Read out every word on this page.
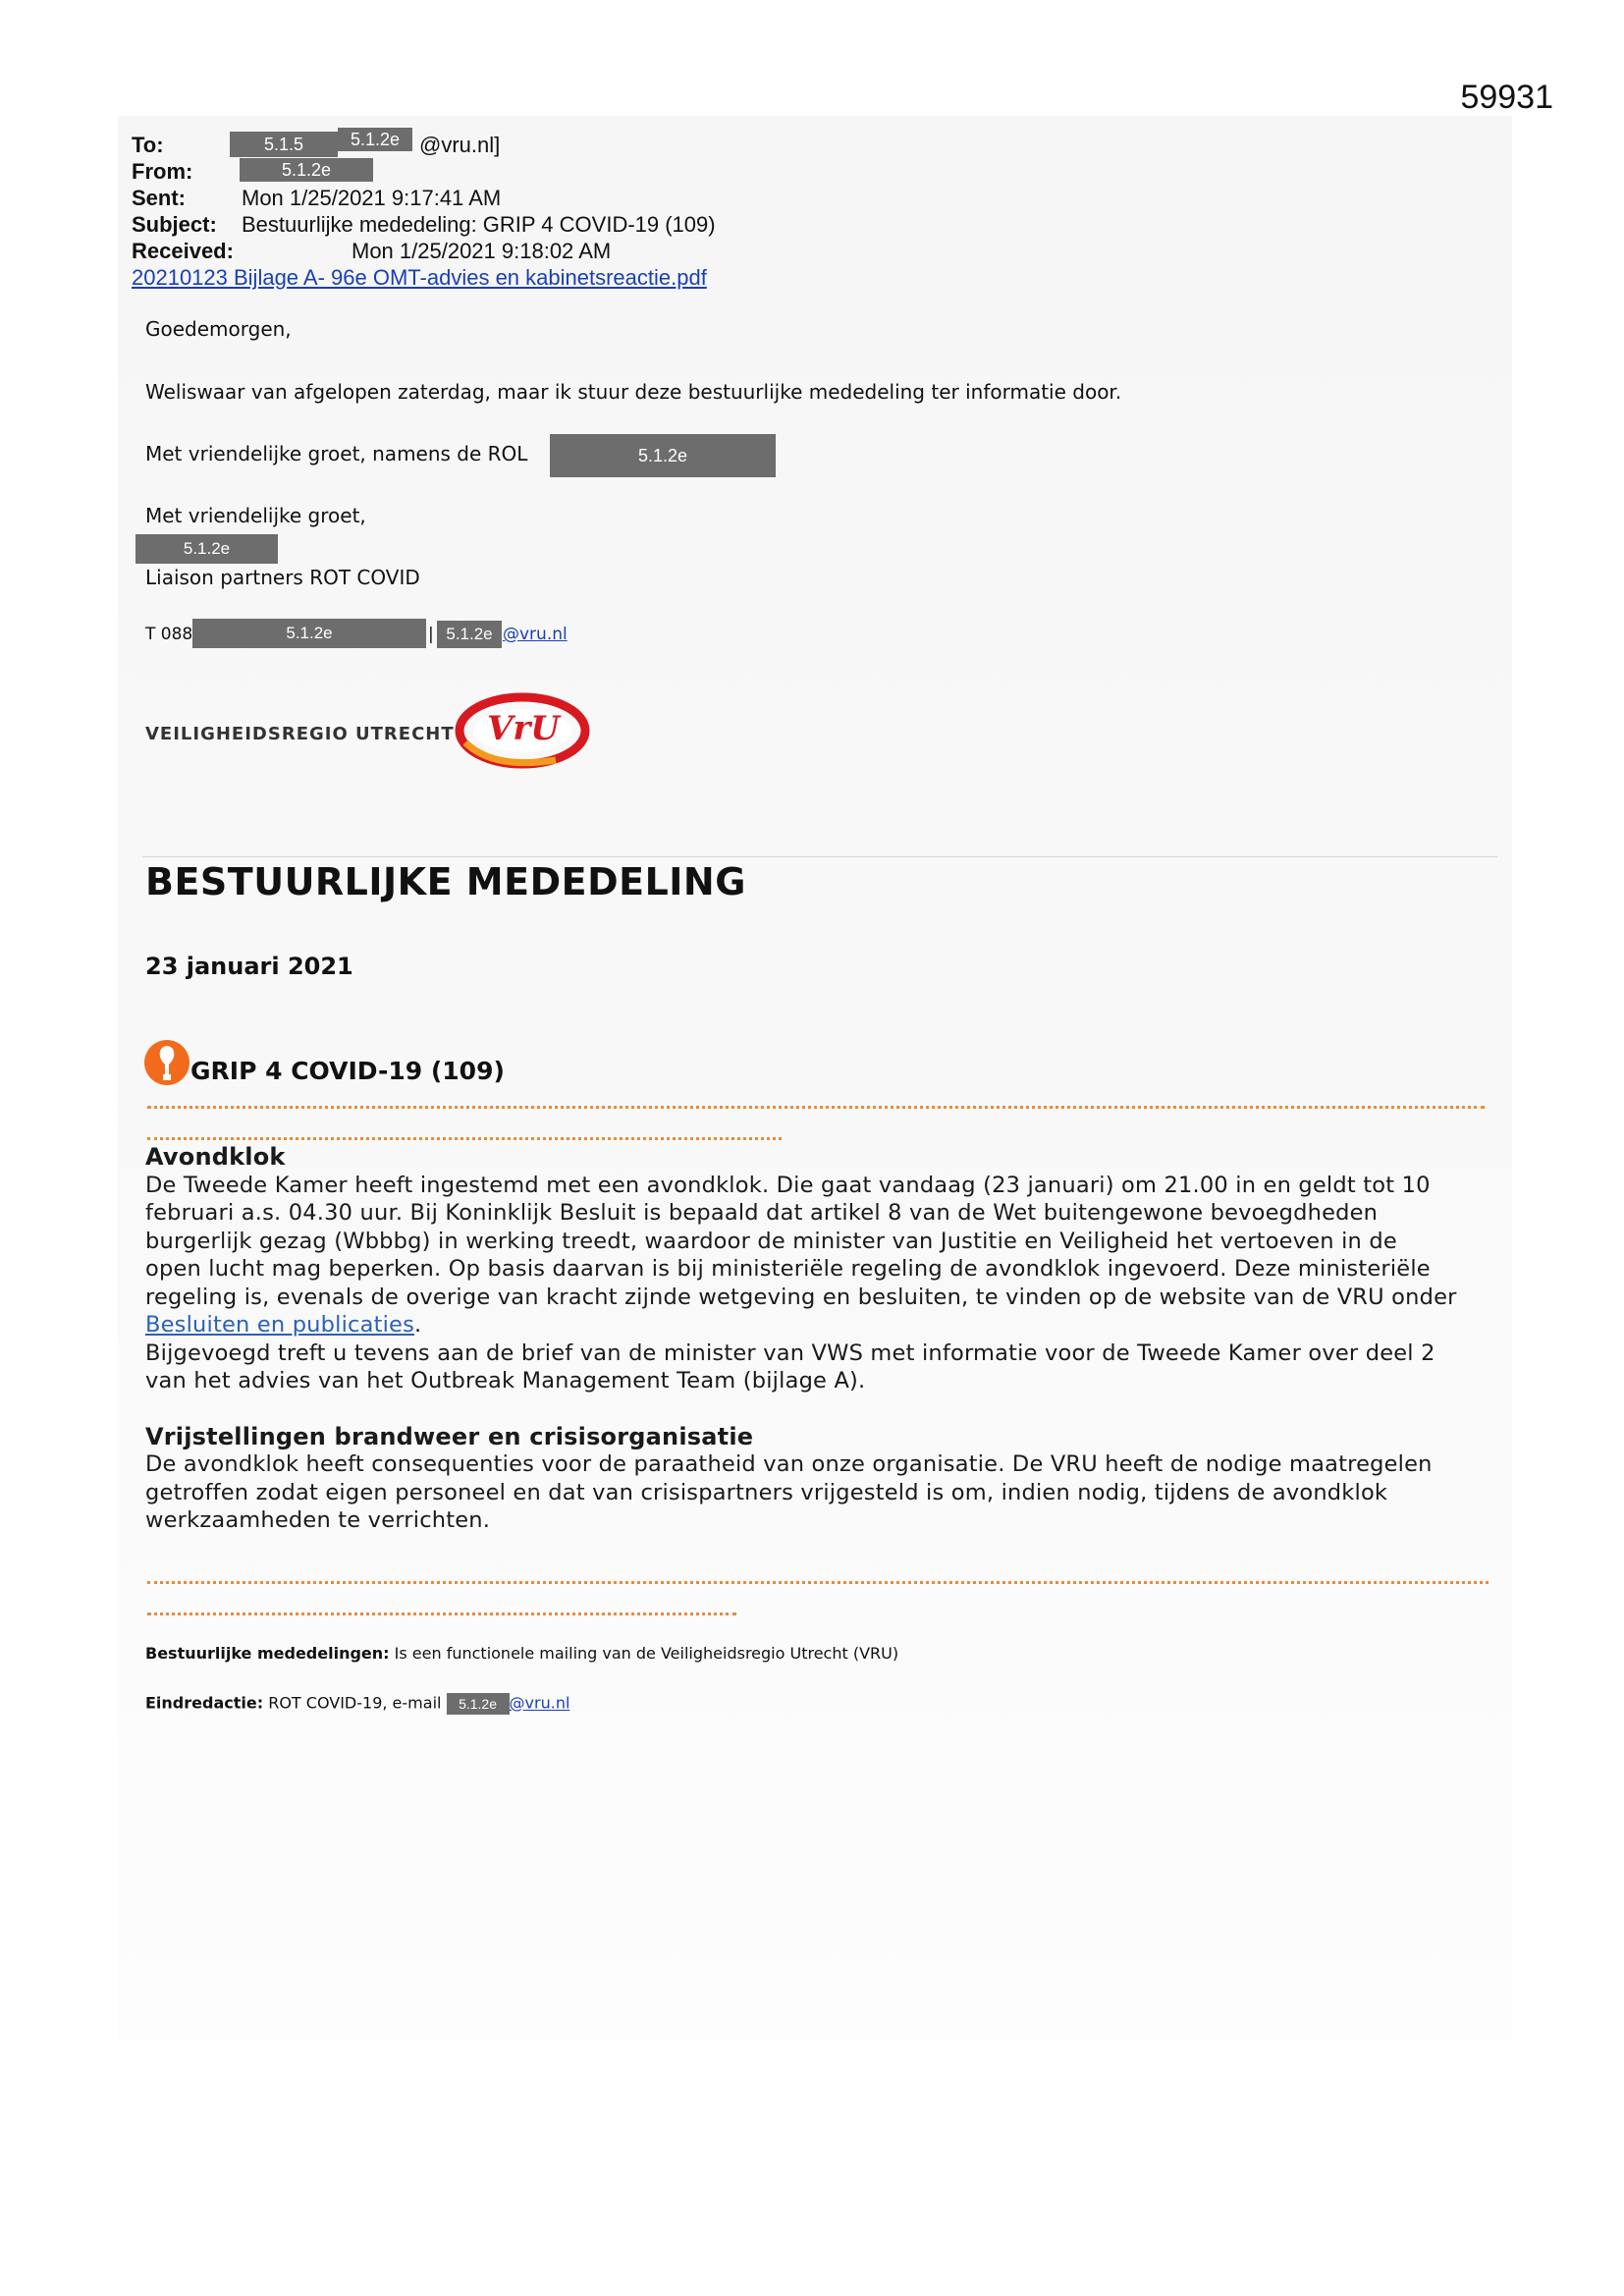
59931
To:	5.1.5	5.1.2e @vru.nl]
From:	5.1.2e
Sent:	Mon 1/25/2021 9:17:41 AM
Subject: Bestuurlijke mededeling: GRIP 4 COVID-19 (109)
Received:	Mon 1/25/2021 9:18:02 AM
20210123 Bijlage A- 96e OMT-advies en kabinetsreactie.pdf
Goedemorgen,
Weliswaar van afgelopen zaterdag, maar ik stuur deze bestuurlijke mededeling ter informatie door.
Met vriendelijke groet, namens de ROL	5.1.2e
Met vriendelijke groet,
5.1.2e
Liaison partners ROT COVID
T 088	5.1.2e	| 5.1.2e @vru.nl
VEILIGHEIDSREGIO UTRECHT VrU
BESTUURLIJKE MEDEDELING
23 januari 2021
GRIP 4 COVID-19 (109)
Avondklok
De Tweede Kamer heeft ingestemd met een avondklok. Die gaat vandaag (23 januari) om 21.00 in en geldt tot 10
februari a.s. 04.30 uur. Bij Koninklijk Besluit is bepaald dat artikel 8 van de Wet buitengewone bevoegdheden
burgerlijk gezag (Wbbbg) in werking treedt, waardoor de minister van Justitie en Veiligheid het vertoeven in de
open lucht mag beperken. Op basis daarvan is bij ministeriële regeling de avondklok ingevoerd. Deze ministeriële
regeling is, evenals de overige van kracht zijnde wetgeving en besluiten, te vinden op de website van de VRU onder
Besluiten en publicaties.
Bijgevoegd treft u tevens aan de brief van de minister van VWS met informatie voor de Tweede Kamer over deel 2
van het advies van het Outbreak Management Team (bijlage A).
Vrijstellingen brandweer en crisisorganisatie
De avondklok heeft consequenties voor de paraatheid van onze organisatie. De VRU heeft de nodige maatregelen
getroffen zodat eigen personeel en dat van crisispartners vrijgesteld is om, indien nodig, tijdens de avondklok
werkzaamheden te verrichten.
Bestuurlijke mededelingen: Is een functionele mailing van de Veiligheidsregio Utrecht (VRU)
Eindredactie: ROT COVID-19, e-mail 5.1.2e @vru.nl
